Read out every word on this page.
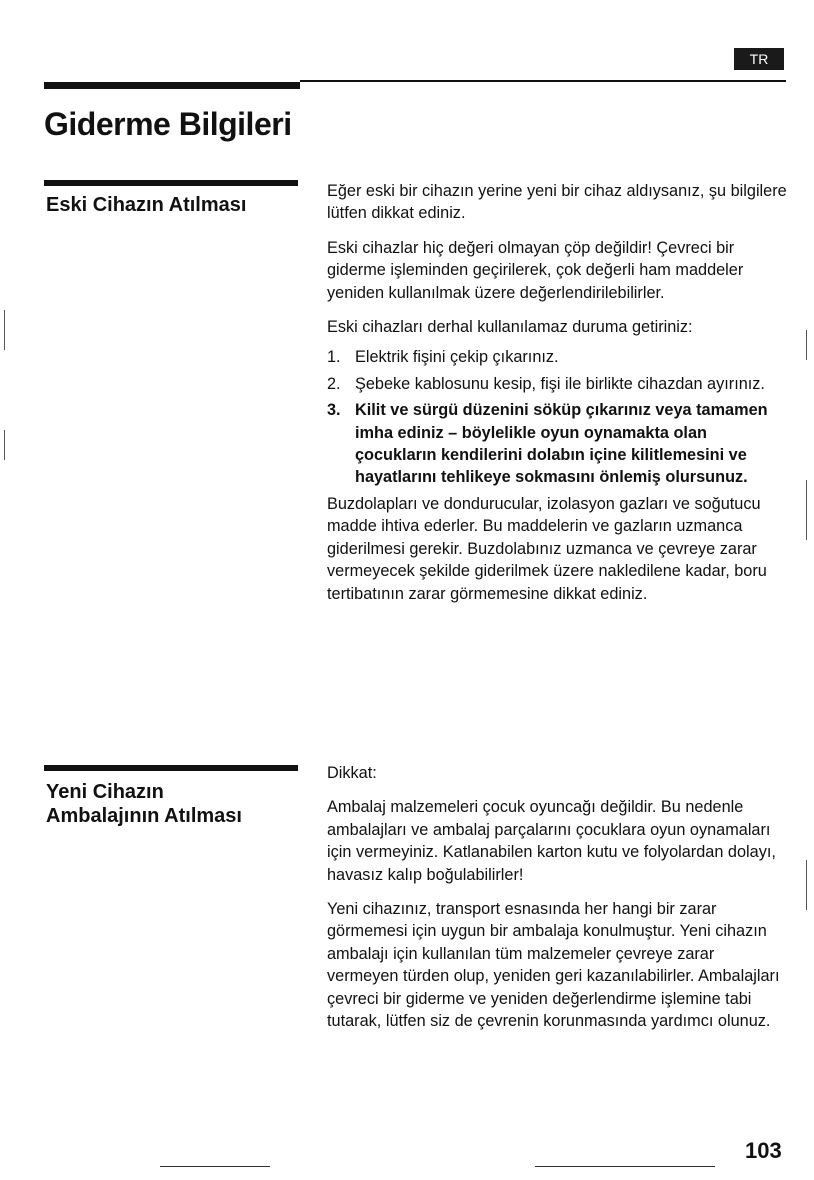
TR
Giderme Bilgileri
Eski Cihazın Atılması

Eğer eski bir cihazın yerine yeni bir cihaz aldıysanız, şu bilgilere lütfen dikkat ediniz.

Eski cihazlar hiç değeri olmayan çöp değildir! Çevreci bir giderme işleminden geçirilerek, çok değerli ham maddeler yeniden kullanılmak üzere değerlendirilebilirler.

Eski cihazları derhal kullanılamaz duruma getiriniz:

1. Elektrik fişini çekip çıkarınız.
2. Şebeke kablosunu kesip, fişi ile birlikte cihazdan ayırınız.
3. Kilit ve sürgü düzenini söküp çıkarınız veya tamamen imha ediniz – böylelikle oyun oynamakta olan çocukların kendilerini dolabın içine kilitlemesini ve hayatlarını tehlikeye sokmasını önlemiş olursunuz.

Buzdolapları ve dondurucular, izolasyon gazları ve soğutucu madde ihtiva ederler. Bu maddelerin ve gazların uzmanca giderilmesi gerekir. Buzdolabınız uzmanca ve çevreye zarar vermeyecek şekilde giderilmek üzere nakledilene kadar, boru tertibatının zarar görmemesine dikkat ediniz.

Yeni Cihazın
Ambalajının Atılması

Dikkat:

Ambalaj malzemeleri çocuk oyuncağı değildir. Bu nedenle ambalajları ve ambalaj parçalarını çocuklara oyun oynamaları için vermeyiniz. Katlanabilen karton kutu ve folyolardan dolayı, havasız kalıp boğulabilirler!

Yeni cihazınız, transport esnasında her hangi bir zarar görmemesi için uygun bir ambalaja konulmuştur. Yeni cihazın ambalajı için kullanılan tüm malzemeler çevreye zarar vermeyen türden olup, yeniden geri kazanılabilirler. Ambalajları çevreci bir giderme ve yeniden değerlendirme işlemine tabi tutarak, lütfen siz de çevrenin korunmasında yardımcı olunuz.

103
